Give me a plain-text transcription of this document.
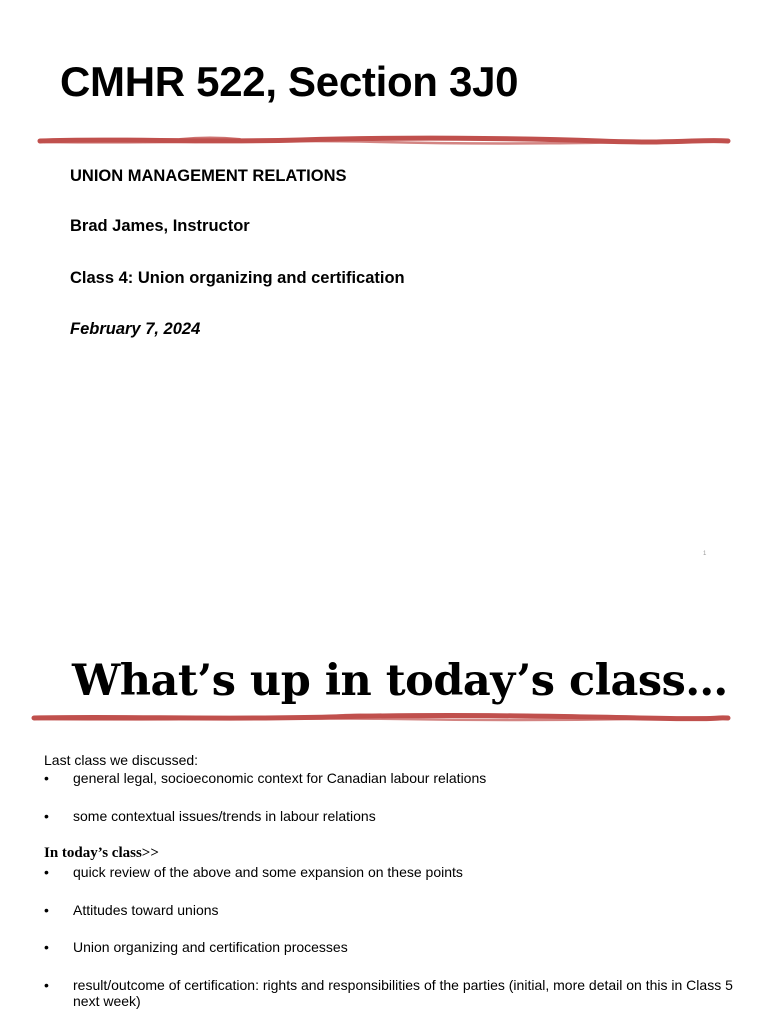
CMHR 522, Section 3J0
UNION MANAGEMENT RELATIONS
Brad James, Instructor
Class 4: Union organizing and certification
February 7, 2024
1
What’s up in today’s class…
Last class we discussed:
• general legal, socioeconomic context for Canadian labour relations
• some contextual issues/trends in labour relations
In today’s class>>
• quick review of the above and some expansion on these points
• Attitudes toward unions
• Union organizing and certification processes
• result/outcome of certification: rights and responsibilities of the parties (initial, more detail on this in Class 5 next week)
